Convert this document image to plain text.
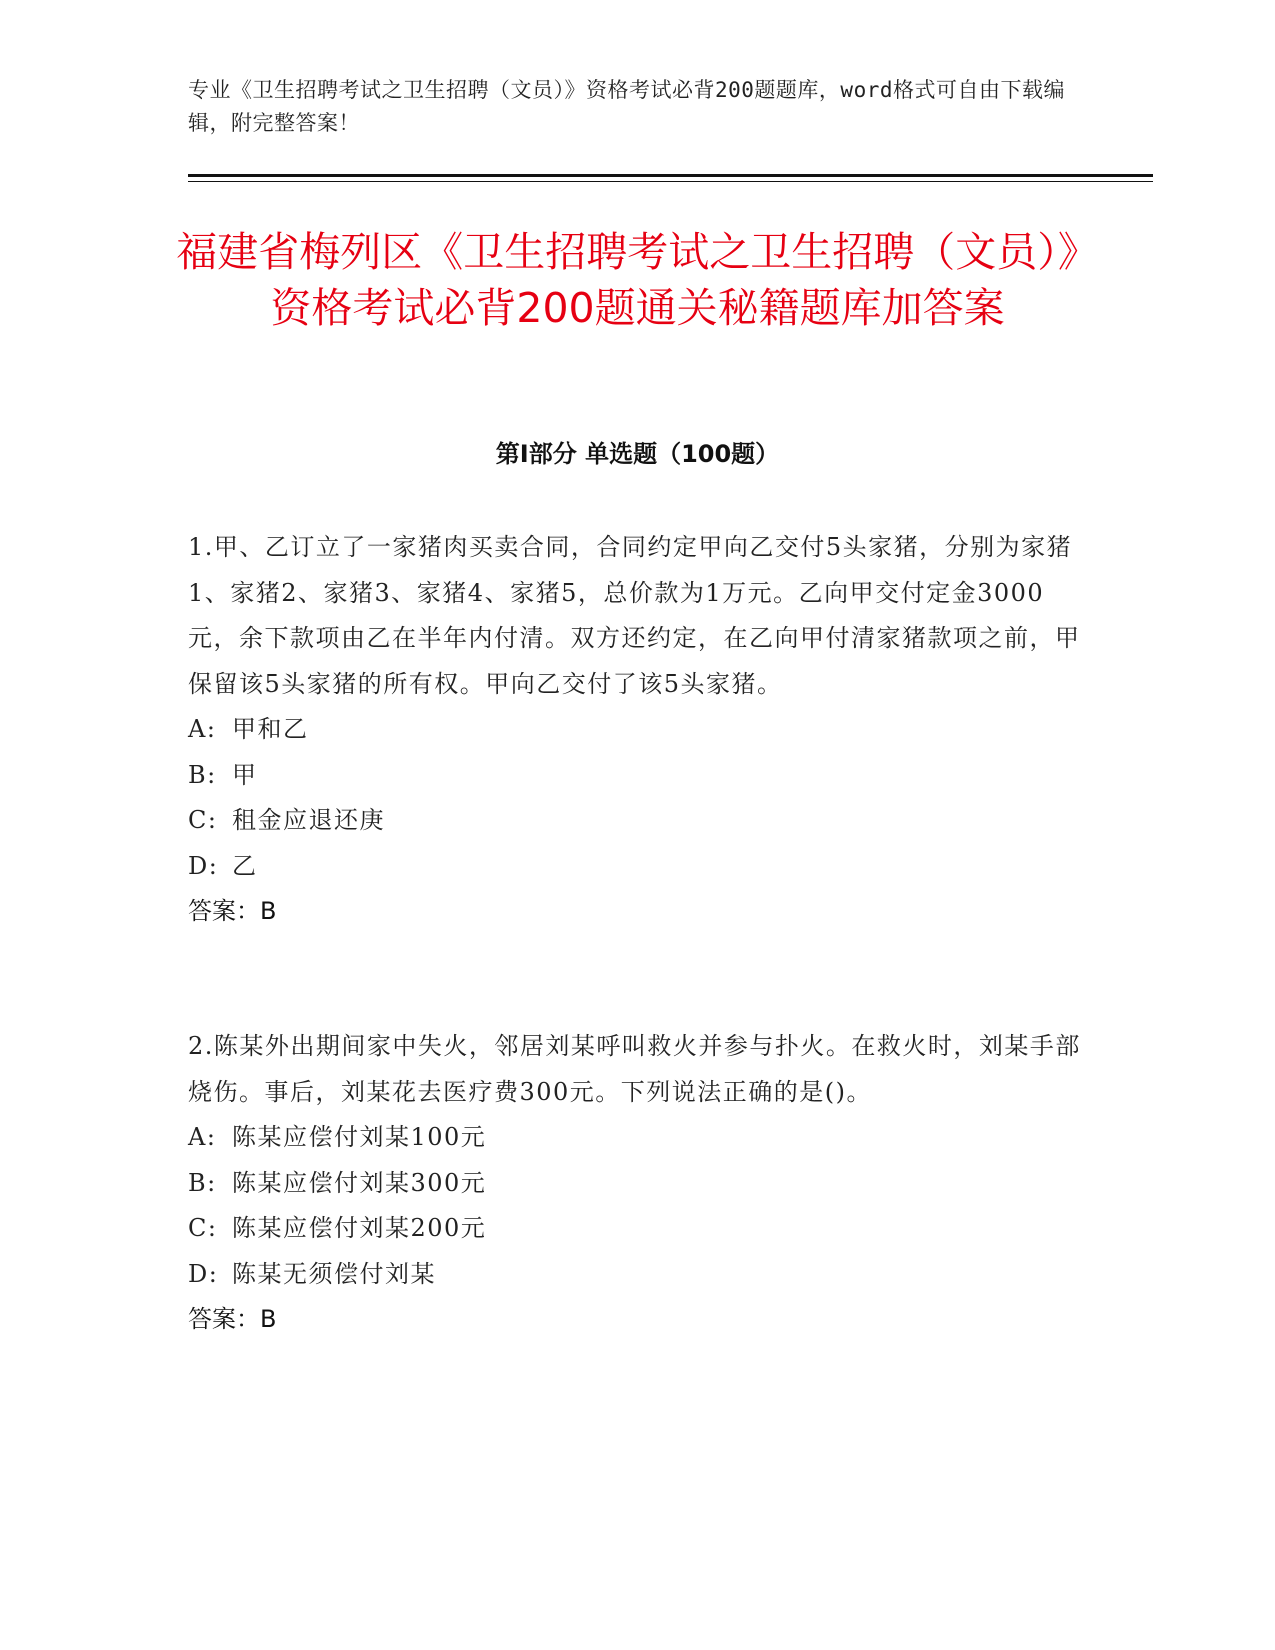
专业《卫生招聘考试之卫生招聘（文员）》资格考试必背200题题库，word格式可自由下载编辑，附完整答案！
福建省梅列区《卫生招聘考试之卫生招聘（文员）》资格考试必背200题通关秘籍题库加答案
第Ⅰ部分 单选题（100题）

1.甲、乙订立了一家猪肉买卖合同，合同约定甲向乙交付5头家猪，分别为家猪1、家猪2、家猪3、家猪4、家猪5，总价款为1万元。乙向甲交付定金3000元，余下款项由乙在半年内付清。双方还约定，在乙向甲付清家猪款项之前，甲保留该5头家猪的所有权。甲向乙交付了该5头家猪。

A: 甲和乙

B: 甲

C: 租金应退还庚

D: 乙

答案：B

2.陈某外出期间家中失火，邻居刘某呼叫救火并参与扑火。在救火时，刘某手部烧伤。事后，刘某花去医疗费300元。下列说法正确的是()。

A: 陈某应偿付刘某100元

B: 陈某应偿付刘某300元

C: 陈某应偿付刘某200元

D: 陈某无须偿付刘某

答案：B
